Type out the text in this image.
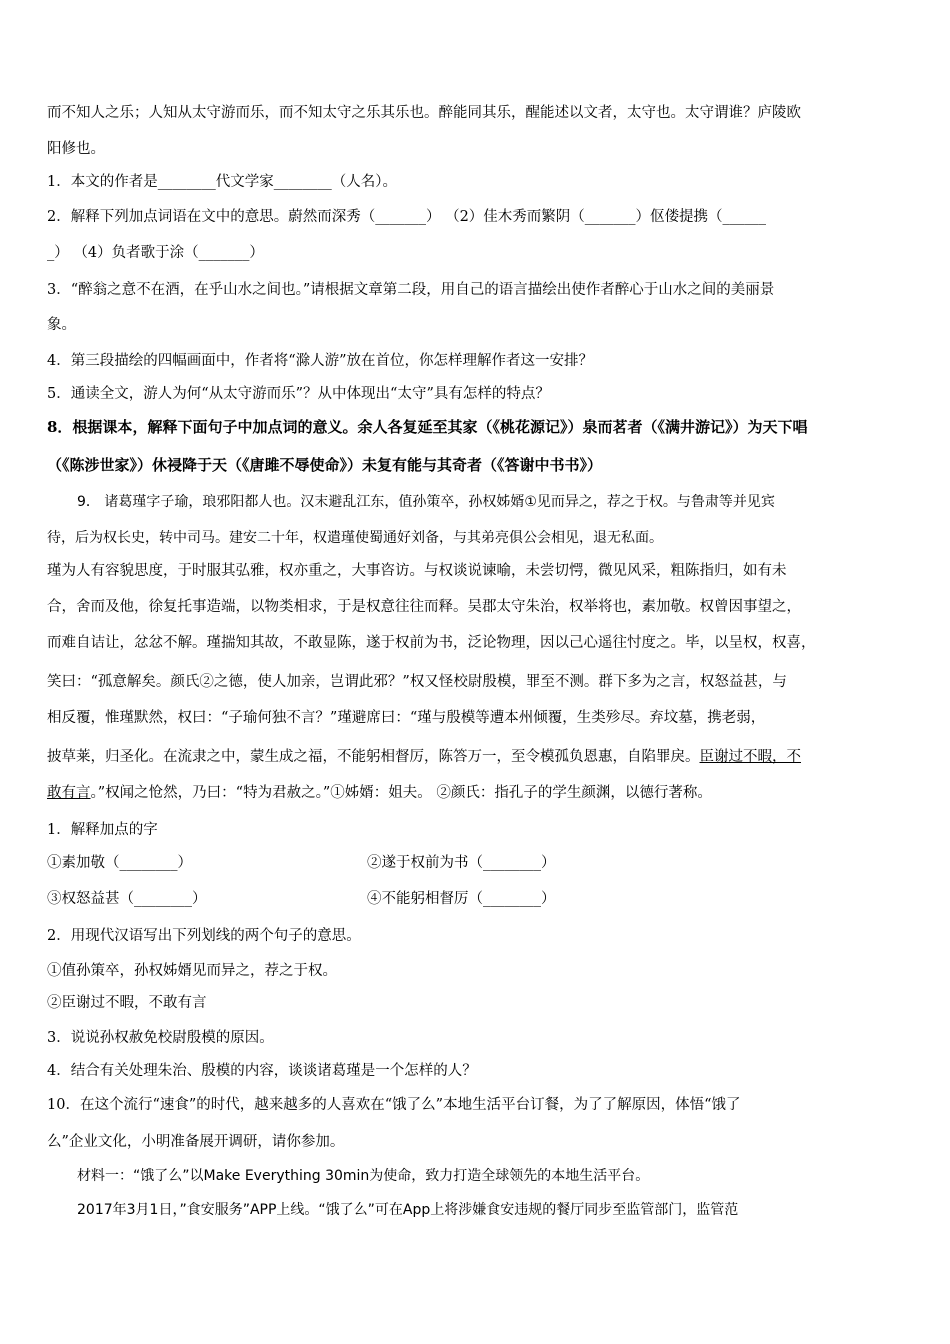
而不知人之乐；人知从太守游而乐，而不知太守之乐其乐也。醉能同其乐，醒能述以文者，太守也。太守谓谁？庐陵欧
阳修也。
1．本文的作者是________代文学家________（人名）。
2．解释下列加点词语在文中的意思。蔚然而深秀（_______） （2）佳木秀而繁阴（_______）伛偻提携（______
_） （4）负者歌于涂（_______）
3．“醉翁之意不在酒，在乎山水之间也。”请根据文章第二段，用自己的语言描绘出使作者醉心于山水之间的美丽景
象。
4．第三段描绘的四幅画面中，作者将“滁人游”放在首位，你怎样理解作者这一安排？
5．通读全文，游人为何“从太守游而乐”？从中体现出“太守”具有怎样的特点？
8．根据课本，解释下面句子中加点词的意义。余人各复延至其家（《桃花源记》）泉而茗者（《满井游记》）为天下唱
（《陈涉世家》）休祲降于天（《唐雎不辱使命》）未复有能与其奇者（《答谢中书书》）
9． 诸葛瑾字子瑜，琅邪阳都人也。汉末避乱江东，值孙策卒，孙权姊婿①见而异之，荐之于权。与鲁肃等并见宾
待，后为权长史，转中司马。建安二十年，权遣瑾使蜀通好刘备，与其弟亮俱公会相见，退无私面。
瑾为人有容貌思度，于时服其弘雅，权亦重之，大事咨访。与权谈说谏喻，未尝切愕，微见风采，粗陈指归，如有未
合，舍而及他，徐复托事造端，以物类相求，于是权意往往而释。吴郡太守朱治，权举将也，素加敬。权曾因事望之，
而难自诘让，忿忿不解。瑾揣知其故，不敢显陈，遂于权前为书，泛论物理，因以己心遥往忖度之。毕，以呈权，权喜，
笑曰：“孤意解矣。颜氏②之德，使人加亲，岂谓此邪？”权又怪校尉殷模，罪至不测。群下多为之言，权怒益甚，与
相反覆，惟瑾默然，权曰：“子瑜何独不言？”瑾避席曰：“瑾与殷模等遭本州倾覆，生类殄尽。弃坟墓，携老弱，
披草莱，归圣化。在流隶之中，蒙生成之福，不能躬相督厉，陈答万一，至令模孤负恩惠，自陷罪戾。臣谢过不暇，不
敢有言。”权闻之怆然，乃曰：“特为君赦之。”①姊婿：姐夫。 ②颜氏：指孔子的学生颜渊，以德行著称。
1．解释加点的字
①素加敬（________）	②遂于权前为书（________）
③权怒益甚（________）	④不能躬相督厉（________）
2．用现代汉语写出下列划线的两个句子的意思。
①值孙策卒，孙权姊婿见而异之，荐之于权。
②臣谢过不暇，不敢有言
3．说说孙权赦免校尉殷模的原因。
4．结合有关处理朱治、殷模的内容，谈谈诸葛瑾是一个怎样的人？
10．在这个流行“速食”的时代，越来越多的人喜欢在“饿了么”本地生活平台订餐，为了了解原因，体悟“饿了
么”企业文化，小明准备展开调研，请你参加。
材料一：“饿了么”以Make Everything 30min为使命，致力打造全球领先的本地生活平台。
2017年3月1日，”食安服务”APP上线。“饿了么”可在App上将涉嫌食安违规的餐厅同步至监管部门，监管范
